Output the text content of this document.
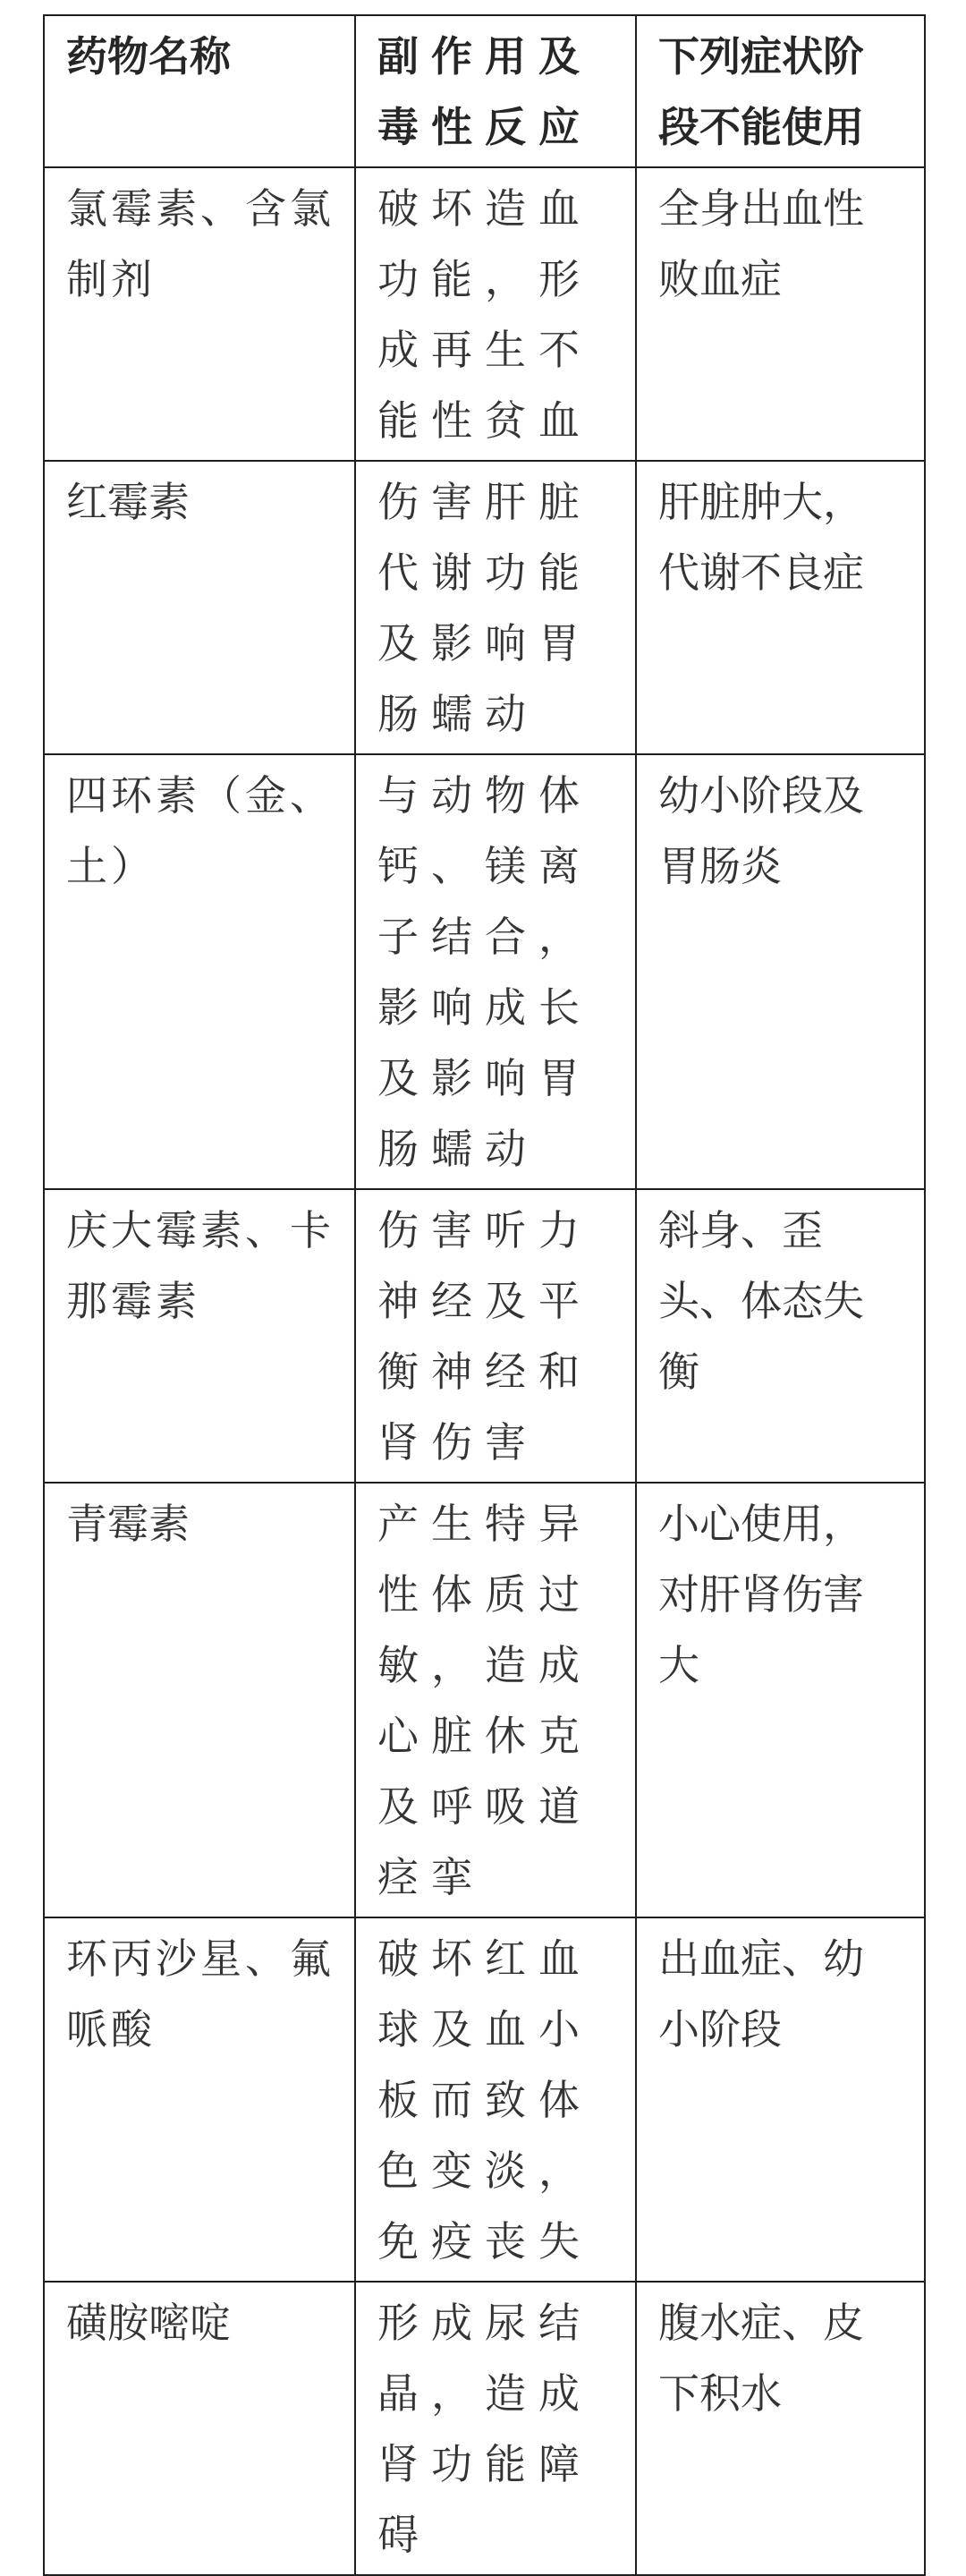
药物名称	副作用及毒性反应	下列症状阶段不能使用
氯霉素、含氯制剂	破坏造血功能，形成再生不能性贫血	全身出血性败血症
红霉素	伤害肝脏代谢功能及影响胃肠蠕动	肝脏肿大，代谢不良症
四环素（金、土）	与动物体钙、镁离子结合，影响成长及影响胃肠蠕动	幼小阶段及胃肠炎
庆大霉素、卡那霉素	伤害听力神经及平衡神经和肾伤害	斜身、歪头、体态失衡
青霉素	产生特异性体质过敏，造成心脏休克及呼吸道痉挛	小心使用，对肝肾伤害大
环丙沙星、氟哌酸	破坏红血球及血小板而致体色变淡，免疫丧失	出血症、幼小阶段
磺胺嘧啶	形成尿结晶，造成肾功能障碍	腹水症、皮下积水
